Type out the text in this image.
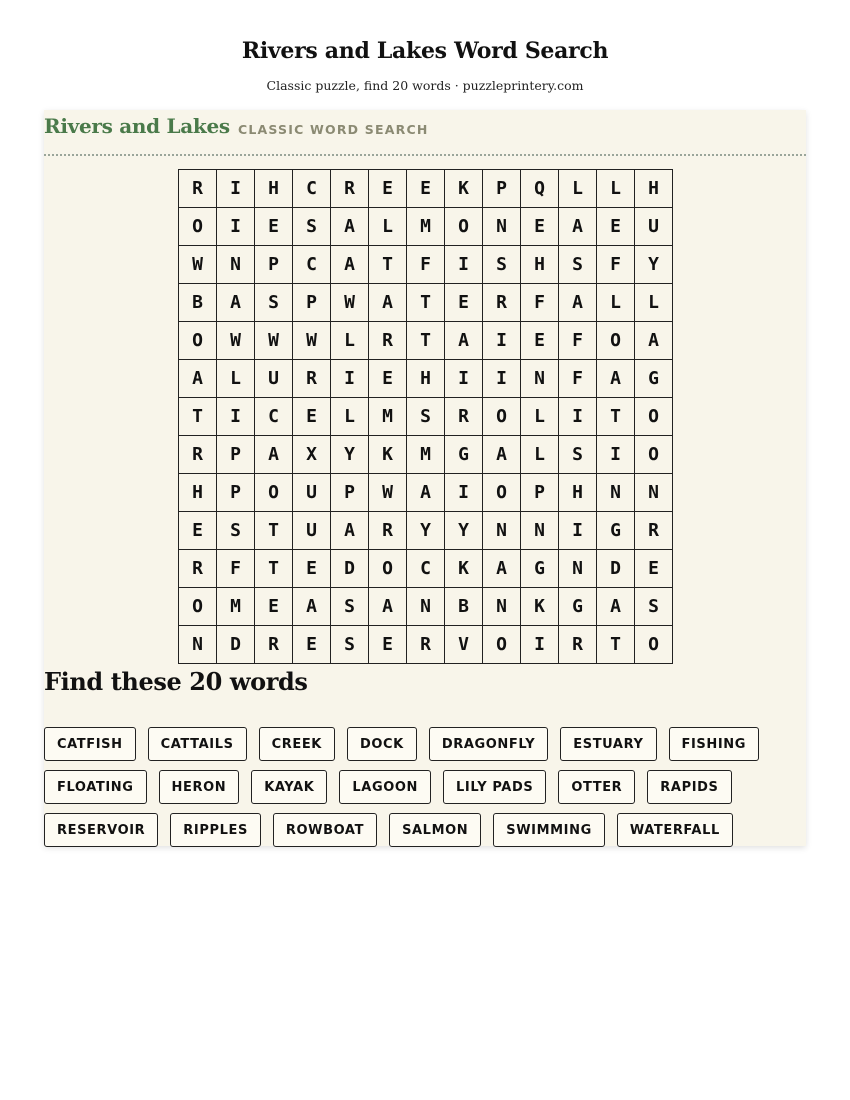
Rivers and Lakes Word Search
Classic puzzle, find 20 words · puzzleprintery.com
Rivers and Lakes CLASSIC WORD SEARCH
R	I	H	C	R	E	E	K	P	Q	L	L	H
O	I	E	S	A	L	M	O	N	E	A	E	U
W	N	P	C	A	T	F	I	S	H	S	F	Y
B	A	S	P	W	A	T	E	R	F	A	L	L
O	W	W	W	L	R	T	A	I	E	F	O	A
A	L	U	R	I	E	H	I	I	N	F	A	G
T	I	C	E	L	M	S	R	O	L	I	T	O
R	P	A	X	Y	K	M	G	A	L	S	I	O
H	P	O	U	P	W	A	I	O	P	H	N	N
E	S	T	U	A	R	Y	Y	N	N	I	G	R
R	F	T	E	D	O	C	K	A	G	N	D	E
O	M	E	A	S	A	N	B	N	K	G	A	S
N	D	R	E	S	E	R	V	O	I	R	T	O
Find these 20 words
CATFISH	CATTAILS	CREEK	DOCK	DRAGONFLY	ESTUARY	FISHING
FLOATING	HERON	KAYAK	LAGOON	LILY PADS	OTTER	RAPIDS
RESERVOIR	RIPPLES	ROWBOAT	SALMON	SWIMMING	WATERFALL
